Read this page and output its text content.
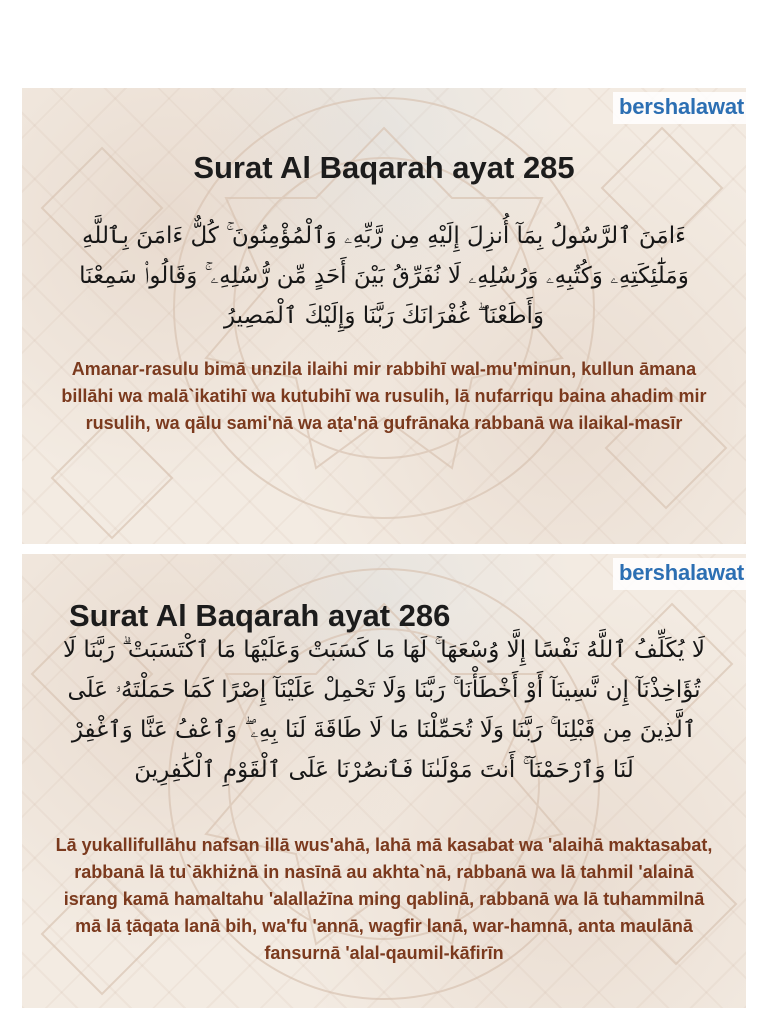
bershalawat
Surat Al Baqarah ayat 285

ءَامَنَ ٱلرَّسُولُ بِمَآ أُنزِلَ إِلَيْهِ مِن رَّبِّهِۦ وَٱلْمُؤْمِنُونَ ۚ كُلٌّ ءَامَنَ بِٱللَّهِ وَمَلَٰٓئِكَتِهِۦ وَكُتُبِهِۦ وَرُسُلِهِۦ لَا نُفَرِّقُ بَيْنَ أَحَدٍ مِّن رُّسُلِهِۦ ۚ وَقَالُوا۟ سَمِعْنَا وَأَطَعْنَا ۖ غُفْرَانَكَ رَبَّنَا وَإِلَيْكَ ٱلْمَصِيرُ

Amanar-rasulu bimā unzila ilaihi mir rabbihī wal-mu'minun, kullun āmana billāhi wa malā`ikatihī wa kutubihī wa rusulih, lā nufarriqu baina ahadim mir rusulih, wa qālu sami'nā wa aṭa'nā gufrānaka rabbanā wa ilaikal-masīr

bershalawat
Surat Al Baqarah ayat 286

لَا يُكَلِّفُ ٱللَّهُ نَفْسًا إِلَّا وُسْعَهَا ۚ لَهَا مَا كَسَبَتْ وَعَلَيْهَا مَا ٱكْتَسَبَتْ ۗ رَبَّنَا لَا تُؤَاخِذْنَآ إِن نَّسِينَآ أَوْ أَخْطَأْنَا ۚ رَبَّنَا وَلَا تَحْمِلْ عَلَيْنَآ إِصْرًا كَمَا حَمَلْتَهُۥ عَلَى ٱلَّذِينَ مِن قَبْلِنَا ۚ رَبَّنَا وَلَا تُحَمِّلْنَا مَا لَا طَاقَةَ لَنَا بِهِۦ ۖ وَٱعْفُ عَنَّا وَٱغْفِرْ لَنَا وَٱرْحَمْنَآ ۚ أَنتَ مَوْلَىٰنَا فَٱنصُرْنَا عَلَى ٱلْقَوْمِ ٱلْكَٰفِرِينَ

Lā yukallifullāhu nafsan illā wus'ahā, lahā mā kasabat wa 'alaihā maktasabat, rabbanā lā tu`ākhiżnā in nasīnā au akhta`nā, rabbanā wa lā tahmil 'alainā israng kamā hamaltahu 'alallażīna ming qablinā, rabbanā wa lā tuhammilnā mā lā ṭāqata lanā bih, wa'fu 'annā, wagfir lanā, war-hamnā, anta maulānā fansurnā 'alal-qaumil-kāfirīn
